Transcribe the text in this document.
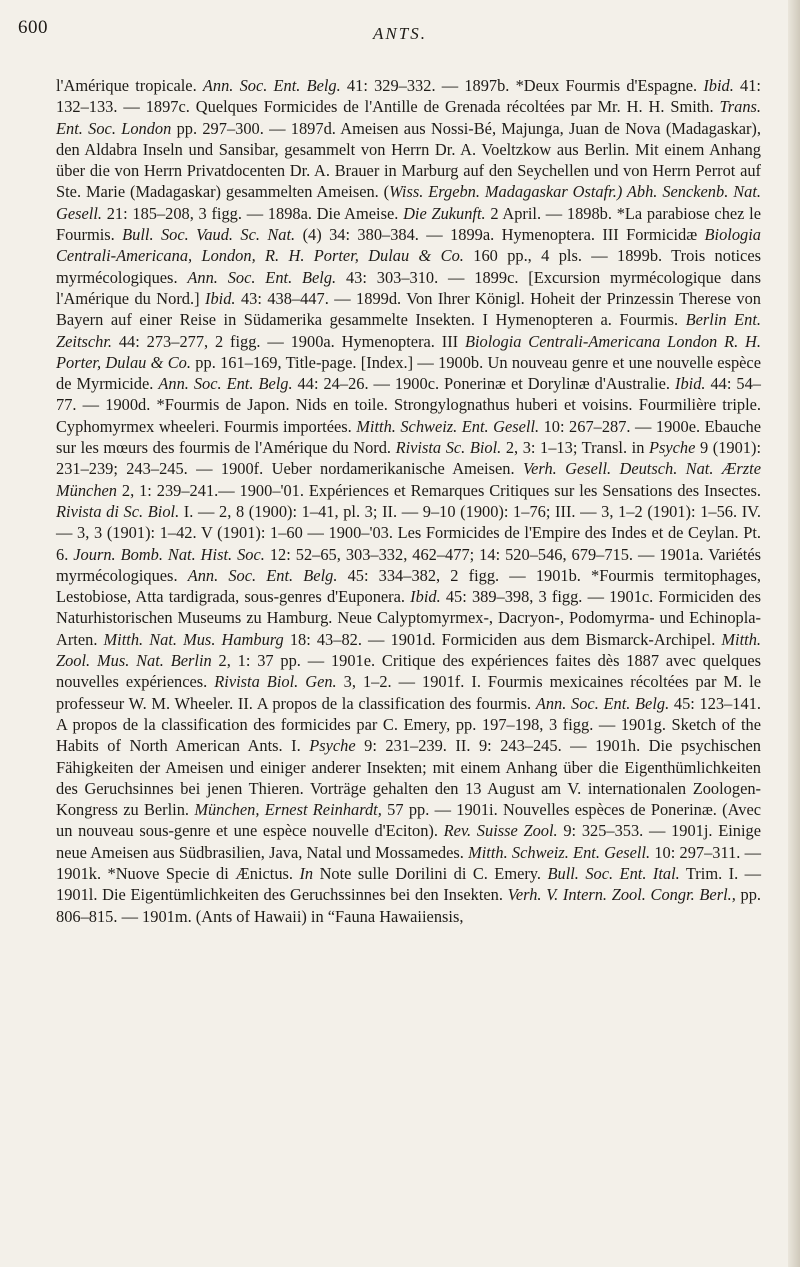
600	ANTS.
l'Amérique tropicale. Ann. Soc. Ent. Belg. 41: 329–332. — 1897b. *Deux Fourmis d'Espagne. Ibid. 41: 132–133. — 1897c. Quelques Formicides de l'Antille de Grenada récoltées par Mr. H. H. Smith. Trans. Ent. Soc. London pp. 297–300. — 1897d. Ameisen aus Nossi-Bé, Majunga, Juan de Nova (Madagaskar), den Aldabra Inseln und Sansibar, gesammelt von Herrn Dr. A. Voeltzkow aus Berlin. Mit einem Anhang über die von Herrn Privatdocenten Dr. A. Brauer in Marburg auf den Seychellen und von Herrn Perrot auf Ste. Marie (Madagaskar) gesammelten Ameisen. (Wiss. Ergebn. Madagaskar Ostafr.) Abh. Senckenb. Nat. Gesell. 21: 185–208, 3 figg. — 1898a. Die Ameise. Die Zukunft. 2 April. — 1898b. *La parabiose chez le Fourmis. Bull. Soc. Vaud. Sc. Nat. (4) 34: 380–384. — 1899a. Hymenoptera. III Formicidæ Biologia Centrali-Americana, London, R. H. Porter, Dulau & Co. 160 pp., 4 pls. — 1899b. Trois notices myrmécologiques. Ann. Soc. Ent. Belg. 43: 303–310. — 1899c. [Excursion myrmécologique dans l'Amérique du Nord.] Ibid. 43: 438–447. — 1899d. Von Ihrer Königl. Hoheit der Prinzessin Therese von Bayern auf einer Reise in Südamerika gesammelte Insekten. I Hymenopteren a. Fourmis. Berlin Ent. Zeitschr. 44: 273–277, 2 figg. — 1900a. Hymenoptera. III Biologia Centrali-Americana London R. H. Porter, Dulau & Co. pp. 161–169, Title-page. [Index.] — 1900b. Un nouveau genre et une nouvelle espèce de Myrmicide. Ann. Soc. Ent. Belg. 44: 24–26. — 1900c. Ponerinæ et Dorylinæ d'Australie. Ibid. 44: 54–77. — 1900d. *Fourmis de Japon. Nids en toile. Strongylognathus huberi et voisins. Fourmilière triple. Cyphomyrmex wheeleri. Fourmis importées. Mitth. Schweiz. Ent. Gesell. 10: 267–287. — 1900e. Ebauche sur les mœurs des fourmis de l'Amérique du Nord. Rivista Sc. Biol. 2, 3: 1–13; Transl. in Psyche 9 (1901): 231–239; 243–245. — 1900f. Ueber nordamerikanische Ameisen. Verh. Gesell. Deutsch. Nat. Ærzte München 2, 1: 239–241.— 1900–'01. Expériences et Remarques Critiques sur les Sensations des Insectes. Rivista di Sc. Biol. I. — 2, 8 (1900): 1–41, pl. 3; II. — 9–10 (1900): 1–76; III. — 3, 1–2 (1901): 1–56. IV.— 3, 3 (1901): 1–42. V (1901): 1–60 — 1900–'03. Les Formicides de l'Empire des Indes et de Ceylan. Pt. 6. Journ. Bomb. Nat. Hist. Soc. 12: 52–65, 303–332, 462–477; 14: 520–546, 679–715. — 1901a. Variétés myrmécologiques. Ann. Soc. Ent. Belg. 45: 334–382, 2 figg. — 1901b. *Fourmis termitophages, Lestobiose, Atta tardigrada, sous-genres d'Euponera. Ibid. 45: 389–398, 3 figg. — 1901c. Formiciden des Naturhistorischen Museums zu Hamburg. Neue Calyptomyrmex-, Dacryon-, Podomyrma- und Echinopla-Arten. Mitth. Nat. Mus. Hamburg 18: 43–82. — 1901d. Formiciden aus dem Bismarck-Archipel. Mitth. Zool. Mus. Nat. Berlin 2, 1: 37 pp. — 1901e. Critique des expériences faites dès 1887 avec quelques nouvelles expériences. Rivista Biol. Gen. 3, 1–2. — 1901f. I. Fourmis mexicaines récoltées par M. le professeur W. M. Wheeler. II. A propos de la classification des fourmis. Ann. Soc. Ent. Belg. 45: 123–141. A propos de la classification des formicides par C. Emery, pp. 197–198, 3 figg. — 1901g. Sketch of the Habits of North American Ants. I. Psyche 9: 231–239. II. 9: 243–245. — 1901h. Die psychischen Fähigkeiten der Ameisen und einiger anderer Insekten; mit einem Anhang über die Eigenthümlichkeiten des Geruchsinnes bei jenen Thieren. Vorträge gehalten den 13 August am V. internationalen Zoologen-Kongress zu Berlin. München, Ernest Reinhardt, 57 pp. — 1901i. Nouvelles espèces de Ponerinæ. (Avec un nouveau sous-genre et une espèce nouvelle d'Eciton). Rev. Suisse Zool. 9: 325–353. — 1901j. Einige neue Ameisen aus Südbrasilien, Java, Natal und Mossamedes. Mitth. Schweiz. Ent. Gesell. 10: 297–311. — 1901k. *Nuove Specie di Ænictus. In Note sulle Dorilini di C. Emery. Bull. Soc. Ent. Ital. Trim. I. — 1901l. Die Eigentümlichkeiten des Geruchssinnes bei den Insekten. Verh. V. Intern. Zool. Congr. Berl., pp. 806–815. — 1901m. (Ants of Hawaii) in “Fauna Hawaiiensis,
